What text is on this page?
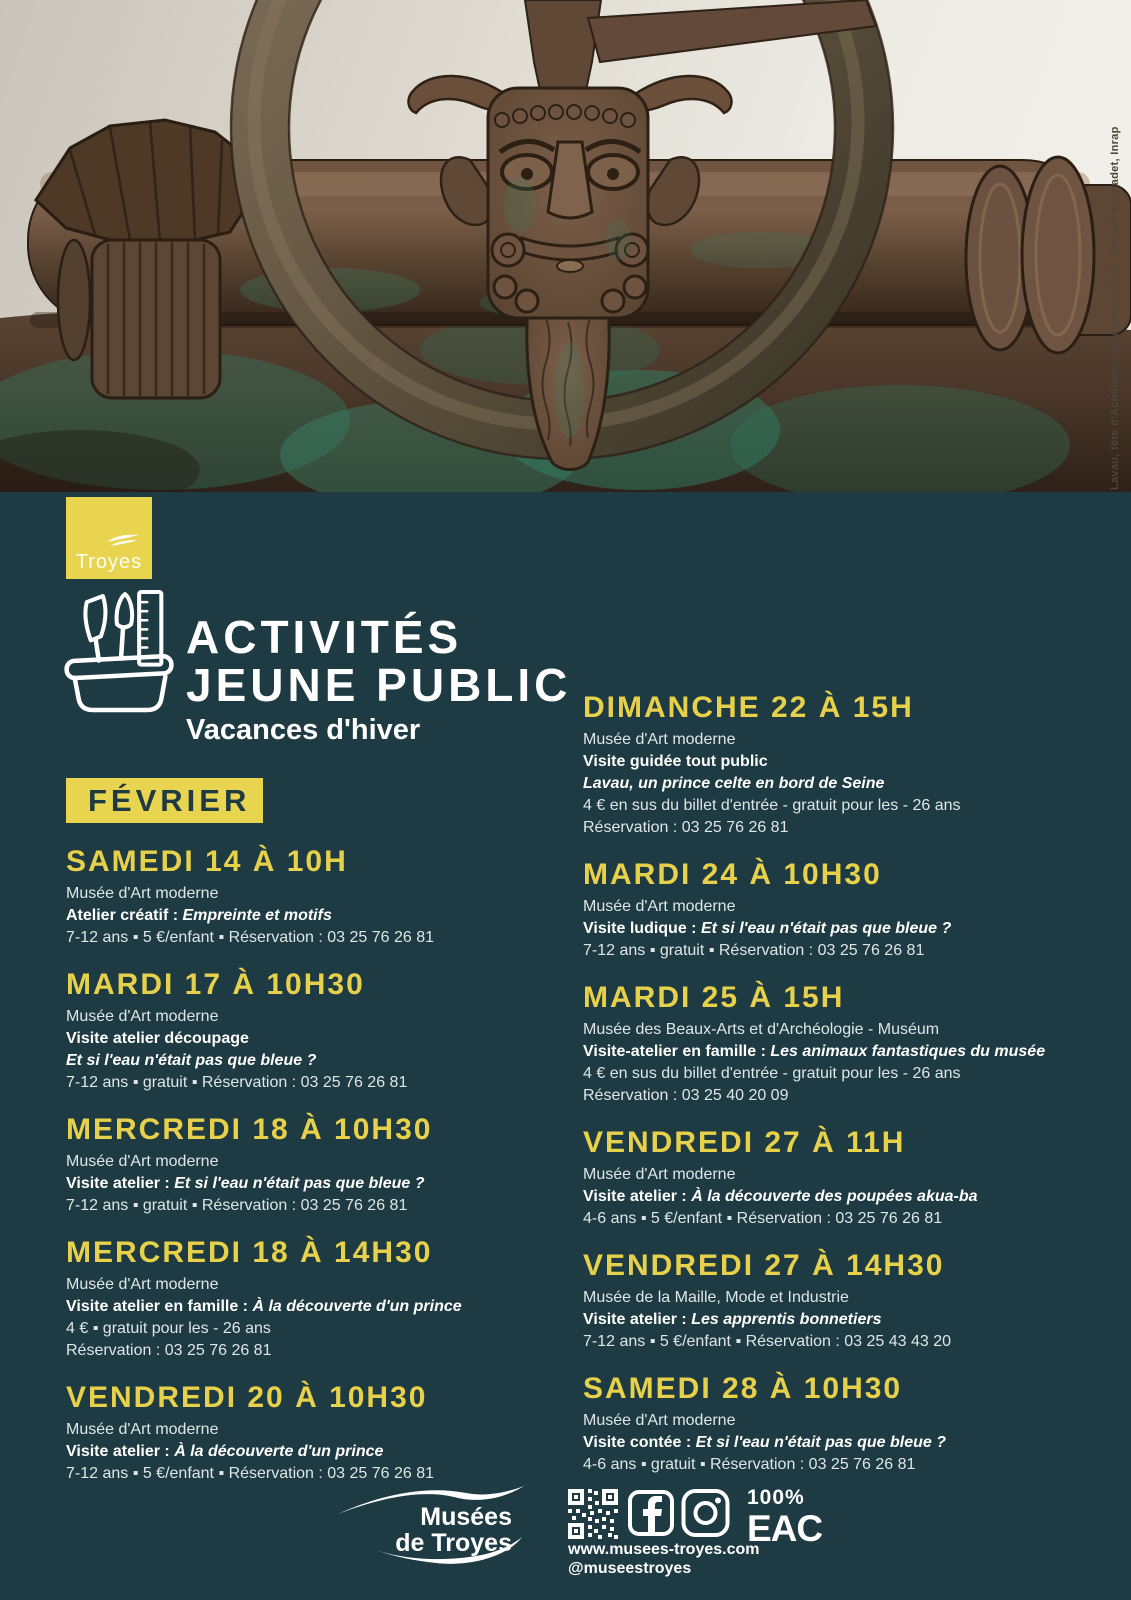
Lavau, tête d'Achéloos, restaurée 2015 © Renaud Bernadet, Inrap
Troyes
ACTIVITÉS
JEUNE PUBLIC
Vacances d'hiver
FÉVRIER
SAMEDI 14 À 10H
Musée d'Art moderne
Atelier créatif : Empreinte et motifs
7-12 ans ▪ 5 €/enfant ▪ Réservation : 03 25 76 26 81
MARDI 17 À 10H30
Musée d'Art moderne
Visite atelier découpage
Et si l'eau n'était pas que bleue ?
7-12 ans ▪ gratuit ▪ Réservation : 03 25 76 26 81
MERCREDI 18 À 10H30
Musée d'Art moderne
Visite atelier : Et si l'eau n'était pas que bleue ?
7-12 ans ▪ gratuit ▪ Réservation : 03 25 76 26 81
MERCREDI 18 À 14H30
Musée d'Art moderne
Visite atelier en famille : À la découverte d'un prince
4 € ▪ gratuit pour les - 26 ans
Réservation : 03 25 76 26 81
VENDREDI 20 À 10H30
Musée d'Art moderne
Visite atelier : À la découverte d'un prince
7-12 ans ▪ 5 €/enfant ▪ Réservation : 03 25 76 26 81
DIMANCHE 22 À 15H
Musée d'Art moderne
Visite guidée tout public
Lavau, un prince celte en bord de Seine
4 € en sus du billet d'entrée - gratuit pour les - 26 ans
Réservation : 03 25 76 26 81
MARDI 24 À 10H30
Musée d'Art moderne
Visite ludique : Et si l'eau n'était pas que bleue ?
7-12 ans ▪ gratuit ▪ Réservation : 03 25 76 26 81
MARDI 25 À 15H
Musée des Beaux-Arts et d'Archéologie - Muséum
Visite-atelier en famille : Les animaux fantastiques du musée
4 € en sus du billet d'entrée - gratuit pour les - 26 ans
Réservation : 03 25 40 20 09
VENDREDI 27 À 11H
Musée d'Art moderne
Visite atelier : À la découverte des poupées akua-ba
4-6 ans ▪ 5 €/enfant ▪ Réservation : 03 25 76 26 81
VENDREDI 27 À 14H30
Musée de la Maille, Mode et Industrie
Visite atelier : Les apprentis bonnetiers
7-12 ans ▪ 5 €/enfant ▪ Réservation : 03 25 43 43 20
SAMEDI 28 À 10H30
Musée d'Art moderne
Visite contée : Et si l'eau n'était pas que bleue ?
4-6 ans ▪ gratuit ▪ Réservation : 03 25 76 26 81
Musées
de Troyes	www.musees-troyes.com
@museestroyes
100%
EAC
